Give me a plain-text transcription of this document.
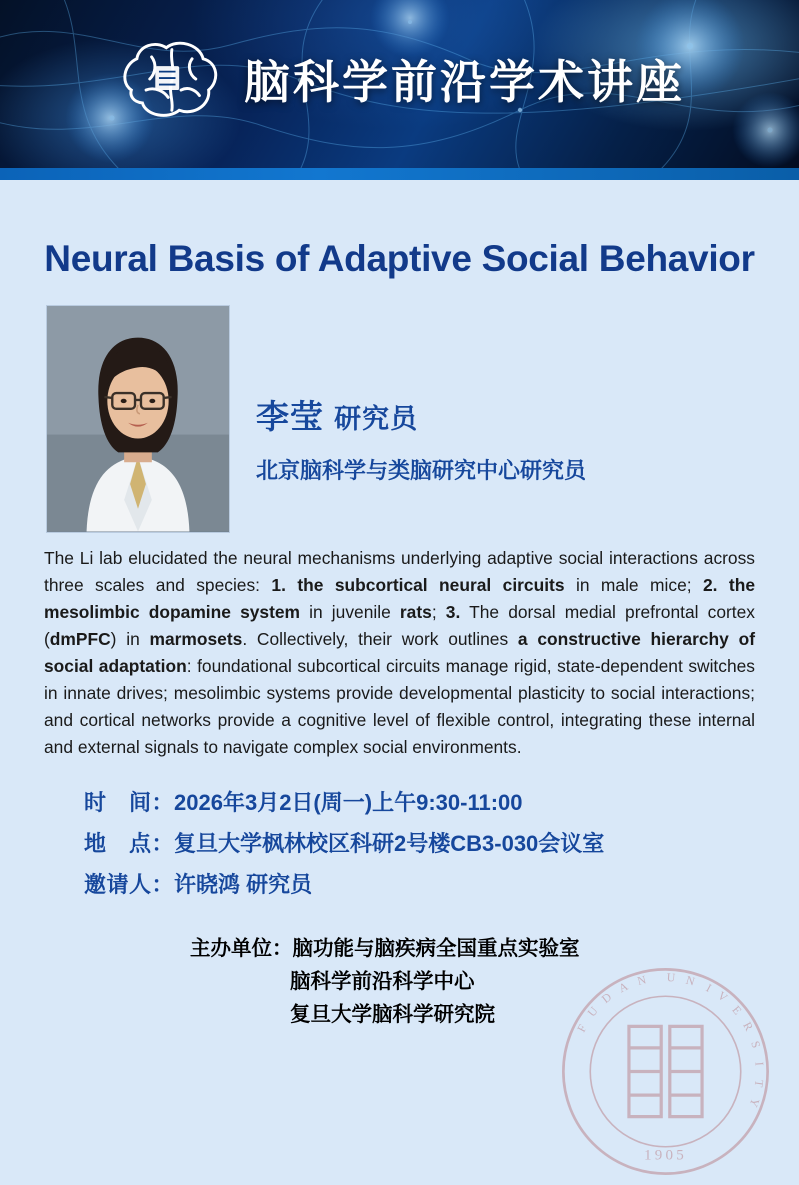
脑科学前沿学术讲座
F
U
D
A N U N I
V
E
R
S
I
T
Y
1905
Neural Basis of Adaptive Social Behavior
李莹 研究员
北京脑科学与类脑研究中心研究员
The Li lab elucidated the neural mechanisms underlying adaptive social interactions across three scales and species: 1. the subcortical neural circuits in male mice; 2. the mesolimbic dopamine system in juvenile rats; 3. The dorsal medial prefrontal cortex (dmPFC) in marmosets. Collectively, their work outlines a constructive hierarchy of social adaptation: foundational subcortical circuits manage rigid, state-dependent switches in innate drives; mesolimbic systems provide developmental plasticity to social interactions; and cortical networks provide a cognitive level of flexible control, integrating these internal and external signals to navigate complex social environments.
时　间：2026年3月2日(周一)上午9:30-11:00
地　点：复旦大学枫林校区科研2号楼CB3-030会议室
邀请人：许晓鸿 研究员
主办单位：脑功能与脑疾病全国重点实验室
脑科学前沿科学中心
复旦大学脑科学研究院
